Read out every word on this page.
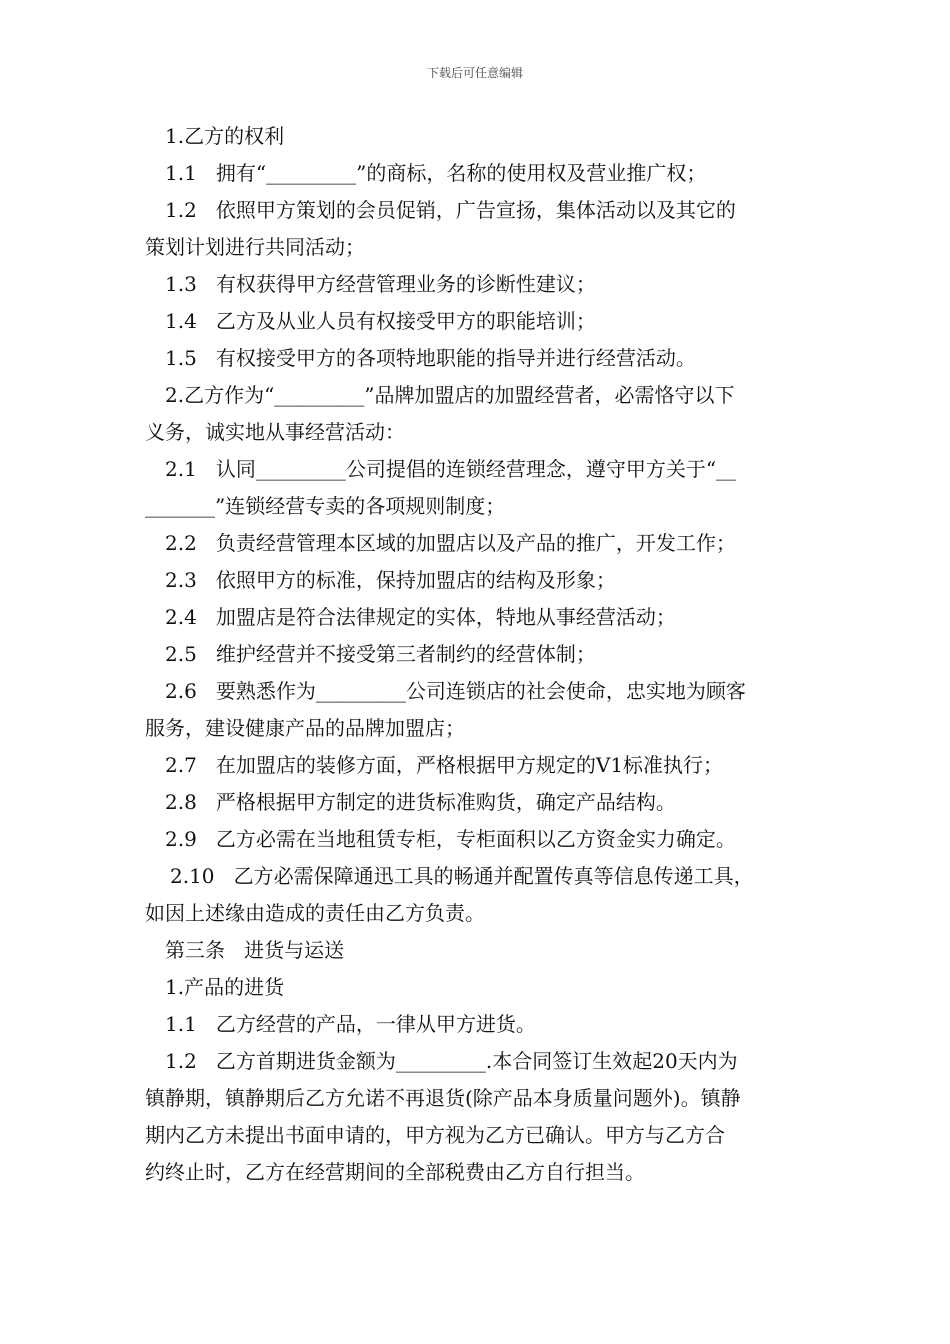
下载后可任意编辑
1.乙方的权利
1.1   拥有“_________”的商标，名称的使用权及营业推广权；
1.2   依照甲方策划的会员促销，广告宣扬，集体活动以及其它的
策划计划进行共同活动；
1.3   有权获得甲方经营管理业务的诊断性建议；
1.4   乙方及从业人员有权接受甲方的职能培训；
1.5   有权接受甲方的各项特地职能的指导并进行经营活动。
2.乙方作为“_________”品牌加盟店的加盟经营者，必需恪守以下
义务，诚实地从事经营活动：
2.1   认同_________公司提倡的连锁经营理念，遵守甲方关于“__
_______”连锁经营专卖的各项规则制度；
2.2   负责经营管理本区域的加盟店以及产品的推广，开发工作；
2.3   依照甲方的标准，保持加盟店的结构及形象；
2.4   加盟店是符合法律规定的实体，特地从事经营活动；
2.5   维护经营并不接受第三者制约的经营体制；
2.6   要熟悉作为_________公司连锁店的社会使命，忠实地为顾客
服务，建设健康产品的品牌加盟店；
2.7   在加盟店的装修方面，严格根据甲方规定的V1标准执行；
2.8   严格根据甲方制定的进货标准购货，确定产品结构。
2.9   乙方必需在当地租赁专柜，专柜面积以乙方资金实力确定。
2.10   乙方必需保障通迅工具的畅通并配置传真等信息传递工具，
如因上述缘由造成的责任由乙方负责。
第三条   进货与运送
1.产品的进货
1.1   乙方经营的产品，一律从甲方进货。
1.2   乙方首期进货金额为_________.本合同签订生效起20天内为
镇静期，镇静期后乙方允诺不再退货(除产品本身质量问题外)。镇静
期内乙方未提出书面申请的，甲方视为乙方已确认。甲方与乙方合
约终止时，乙方在经营期间的全部税费由乙方自行担当。
